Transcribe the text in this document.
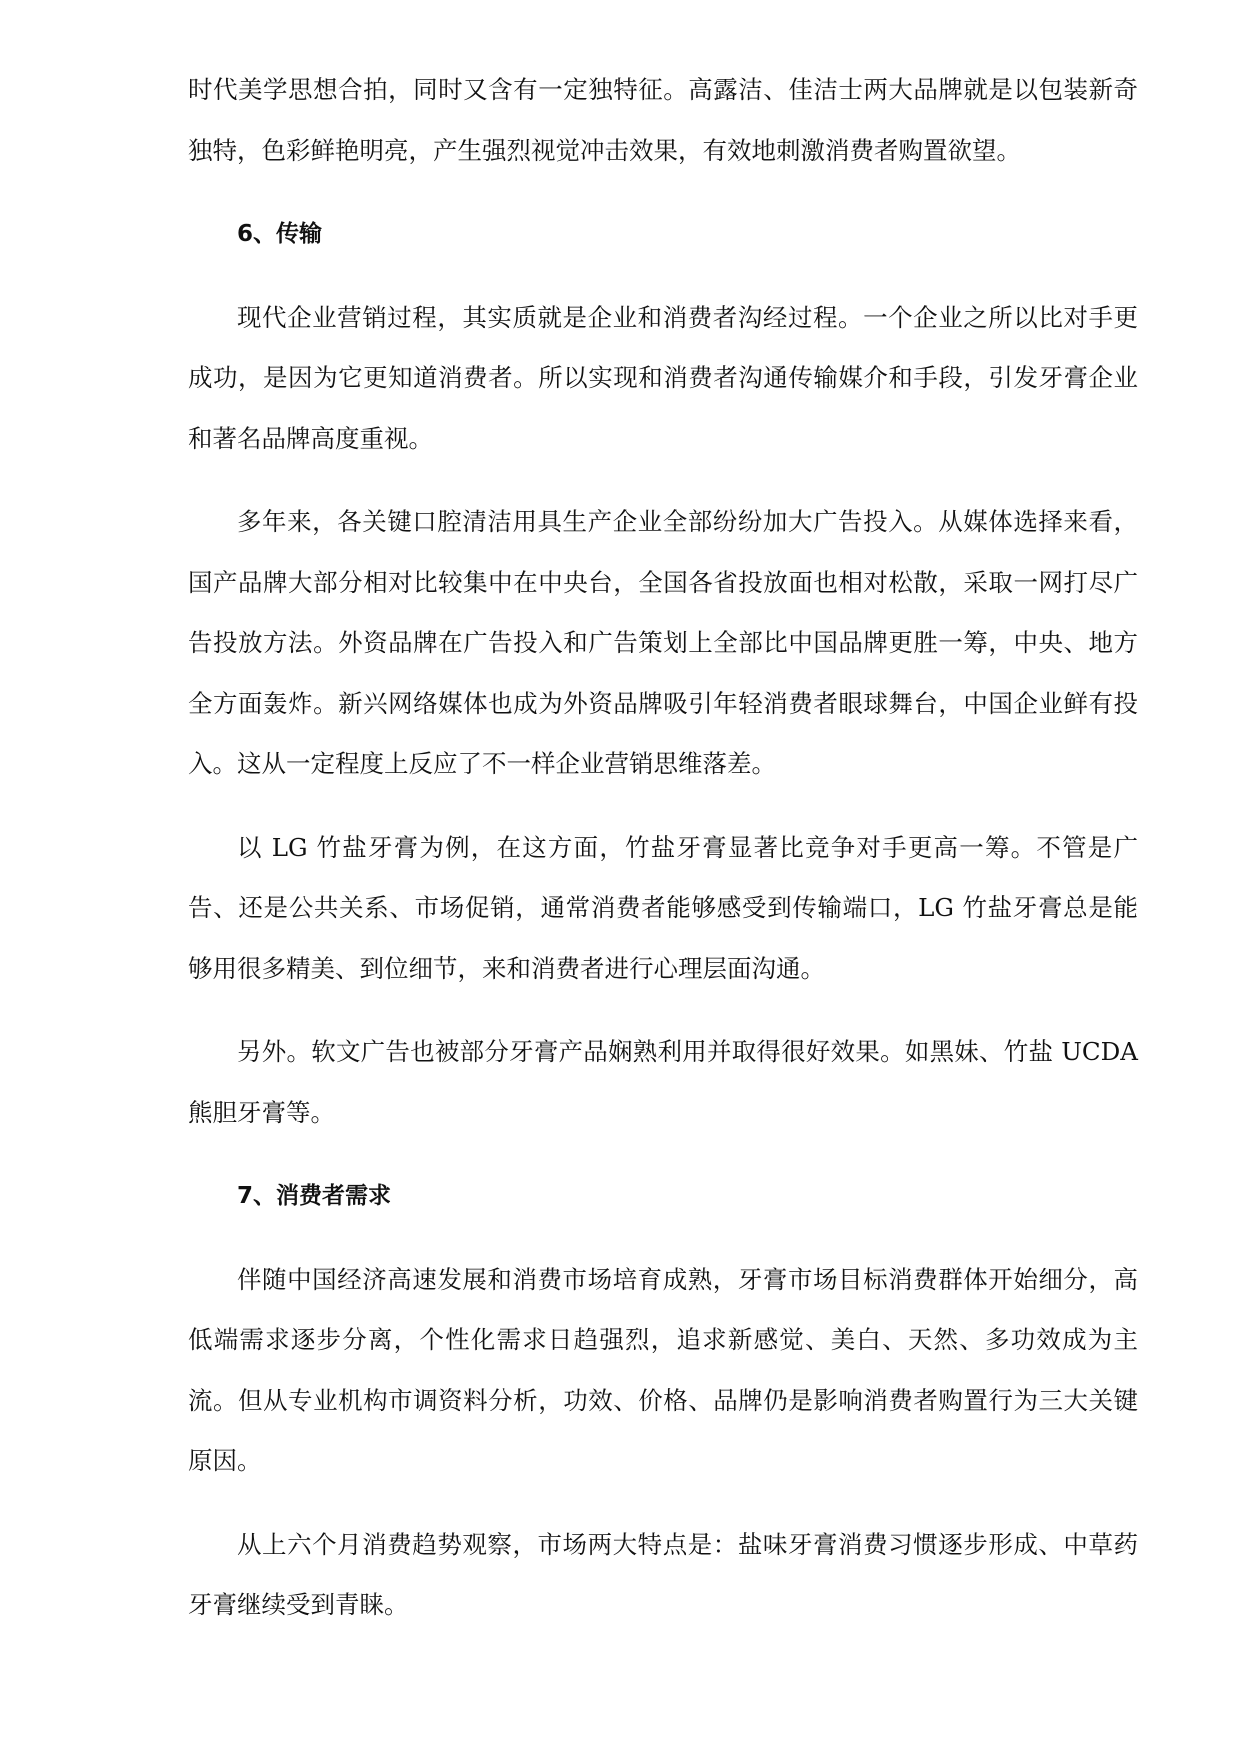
时代美学思想合拍，同时又含有一定独特征。高露洁、佳洁士两大品牌就是以包装新奇独特，色彩鲜艳明亮，产生强烈视觉冲击效果，有效地刺激消费者购置欲望。

6、传输

现代企业营销过程，其实质就是企业和消费者沟经过程。一个企业之所以比对手更成功，是因为它更知道消费者。所以实现和消费者沟通传输媒介和手段，引发牙膏企业和著名品牌高度重视。

多年来，各关键口腔清洁用具生产企业全部纷纷加大广告投入。从媒体选择来看，国产品牌大部分相对比较集中在中央台，全国各省投放面也相对松散，采取一网打尽广告投放方法。外资品牌在广告投入和广告策划上全部比中国品牌更胜一筹，中央、地方全方面轰炸。新兴网络媒体也成为外资品牌吸引年轻消费者眼球舞台，中国企业鲜有投入。这从一定程度上反应了不一样企业营销思维落差。

以 LG 竹盐牙膏为例，在这方面，竹盐牙膏显著比竞争对手更高一筹。不管是广告、还是公共关系、市场促销，通常消费者能够感受到传输端口，LG 竹盐牙膏总是能够用很多精美、到位细节，来和消费者进行心理层面沟通。

另外。软文广告也被部分牙膏产品娴熟利用并取得很好效果。如黑妹、竹盐 UCDA 熊胆牙膏等。

7、消费者需求

伴随中国经济高速发展和消费市场培育成熟，牙膏市场目标消费群体开始细分，高低端需求逐步分离，个性化需求日趋强烈，追求新感觉、美白、天然、多功效成为主流。但从专业机构市调资料分析，功效、价格、品牌仍是影响消费者购置行为三大关键原因。

从上六个月消费趋势观察，市场两大特点是：盐味牙膏消费习惯逐步形成、中草药牙膏继续受到青睐。
